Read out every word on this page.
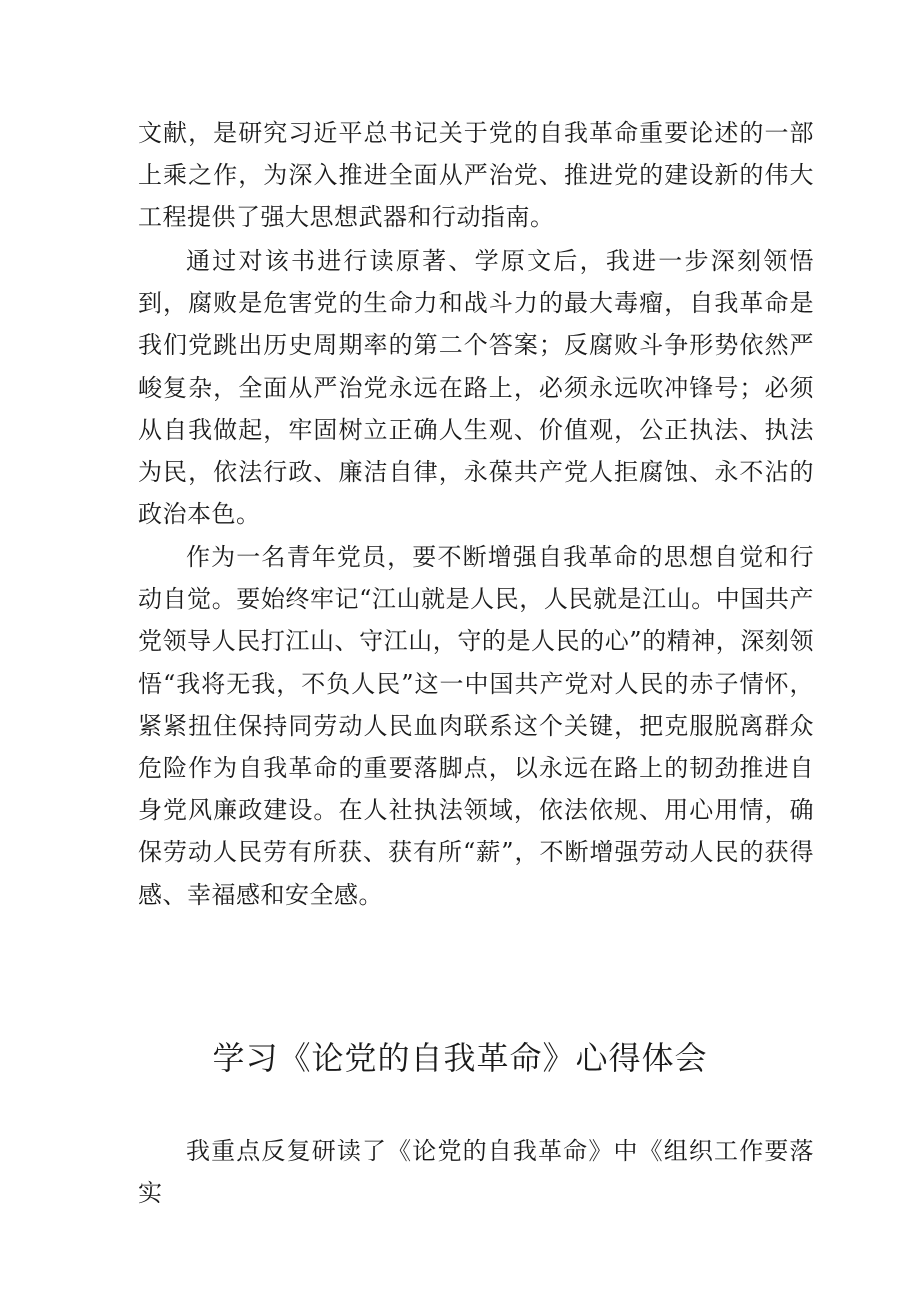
文献，是研究习近平总书记关于党的自我革命重要论述的一部上乘之作，为深入推进全面从严治党、推进党的建设新的伟大工程提供了强大思想武器和行动指南。

通过对该书进行读原著、学原文后，我进一步深刻领悟到，腐败是危害党的生命力和战斗力的最大毒瘤，自我革命是我们党跳出历史周期率的第二个答案；反腐败斗争形势依然严峻复杂，全面从严治党永远在路上，必须永远吹冲锋号；必须从自我做起，牢固树立正确人生观、价值观，公正执法、执法为民，依法行政、廉洁自律，永葆共产党人拒腐蚀、永不沾的政治本色。

作为一名青年党员，要不断增强自我革命的思想自觉和行动自觉。要始终牢记“江山就是人民，人民就是江山。中国共产党领导人民打江山、守江山，守的是人民的心”的精神，深刻领悟“我将无我，不负人民”这一中国共产党对人民的赤子情怀，紧紧扭住保持同劳动人民血肉联系这个关键，把克服脱离群众危险作为自我革命的重要落脚点，以永远在路上的韧劲推进自身党风廉政建设。在人社执法领域，依法依规、用心用情，确保劳动人民劳有所获、获有所“薪”，不断增强劳动人民的获得感、幸福感和安全感。

学习《论党的自我革命》心得体会

我重点反复研读了《论党的自我革命》中《组织工作要落实
